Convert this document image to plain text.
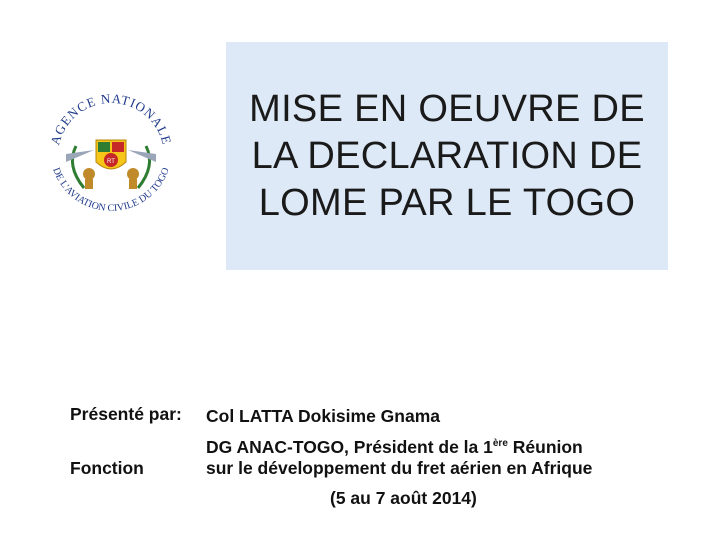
AGENCE NATIONALE
DE L'AVIATION CIVILE DU TOGO
RT
MISE EN OEUVRE DE
LA DECLARATION DE
LOME PAR LE TOGO
Présenté par: Col LATTA Dokisime Gnama
Fonction
DG ANAC-TOGO, Président de la 1ère Réunion
sur le développement du fret aérien en Afrique
(5 au 7 août 2014)
